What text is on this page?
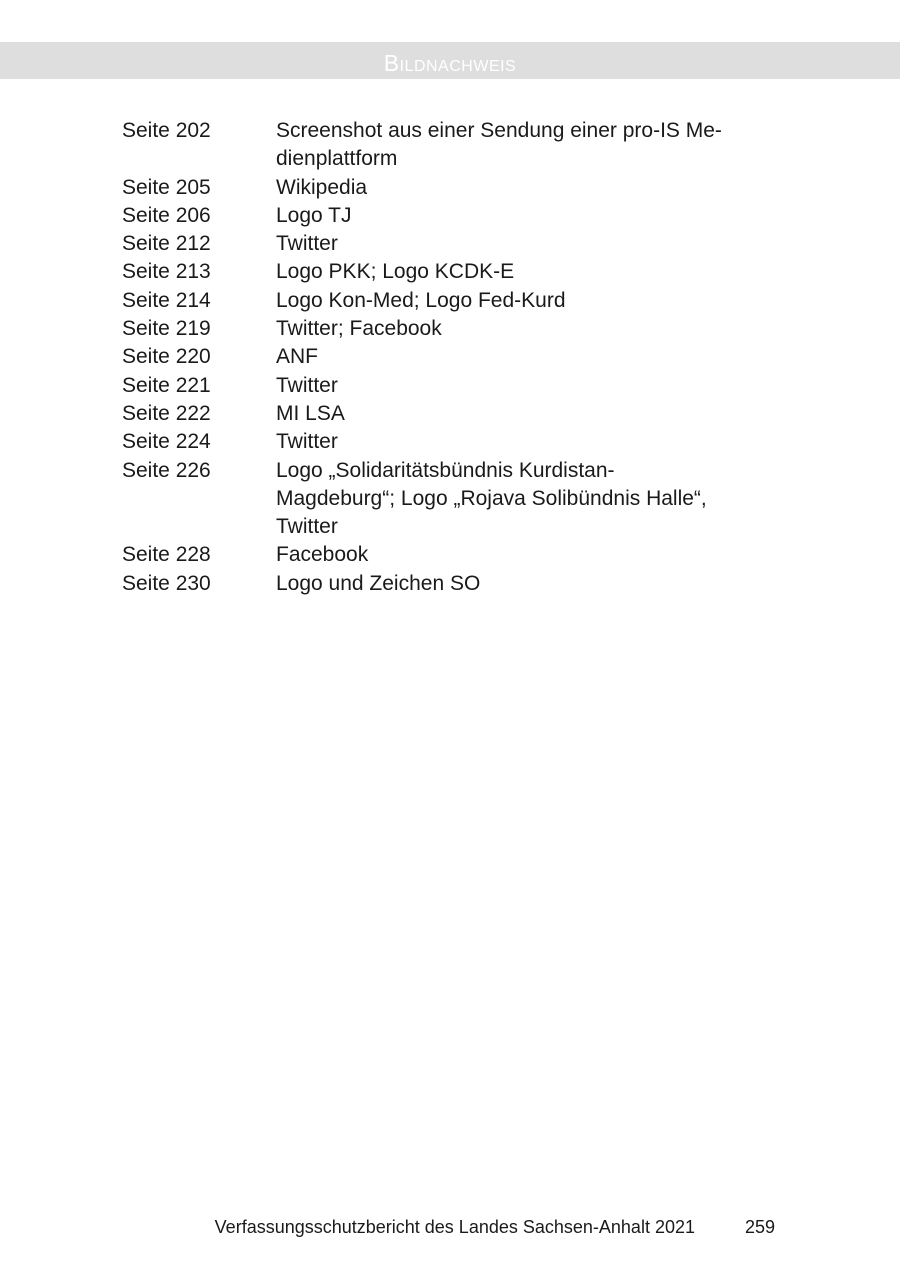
Bildnachweis
Seite 202	Screenshot aus einer Sendung einer pro-IS Me-
dienplattform
Seite 205	Wikipedia
Seite 206	Logo TJ
Seite 212	Twitter
Seite 213	Logo PKK; Logo KCDK-E
Seite 214	Logo Kon-Med; Logo Fed-Kurd
Seite 219	Twitter; Facebook
Seite 220	ANF
Seite 221	Twitter
Seite 222	MI LSA
Seite 224	Twitter
Seite 226	Logo „Solidaritätsbündnis Kurdistan-
Magdeburg“; Logo „Rojava Solibündnis Halle“,
Twitter
Seite 228	Facebook
Seite 230	Logo und Zeichen SO
Verfassungsschutzbericht des Landes Sachsen-Anhalt 2021	259
